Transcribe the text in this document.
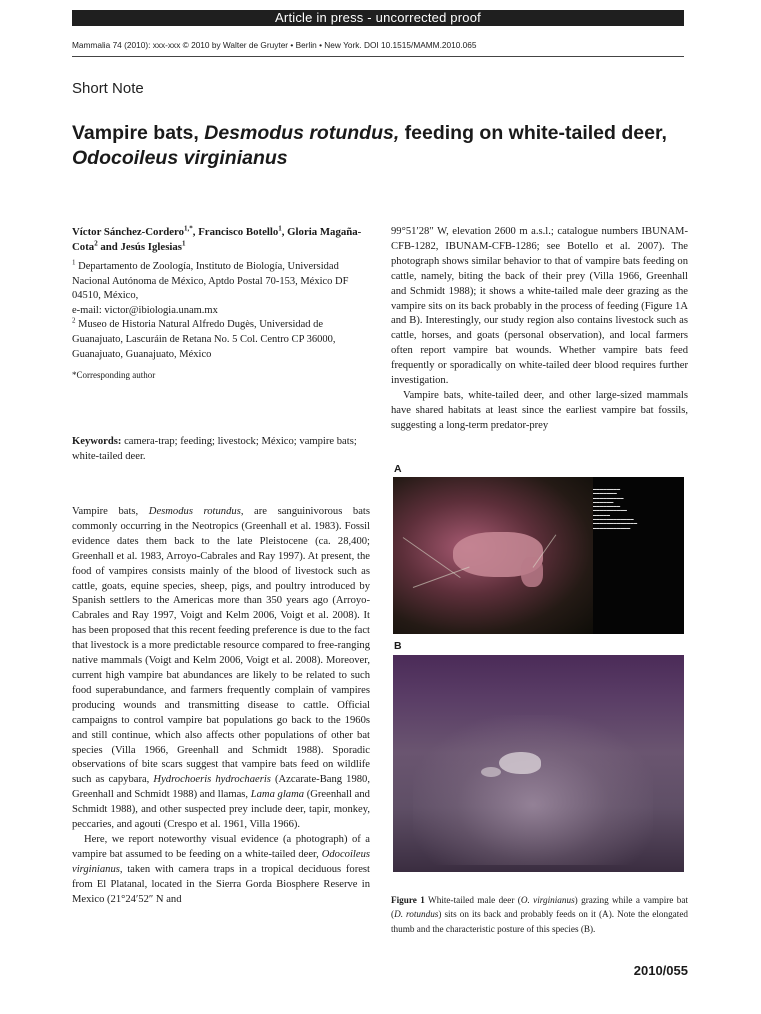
Article in press - uncorrected proof
Mammalia 74 (2010): xxx-xxx © 2010 by Walter de Gruyter • Berlin • New York. DOI 10.1515/MAMM.2010.065
Short Note
Vampire bats, Desmodus rotundus, feeding on white-tailed deer, Odocoileus virginianus
Víctor Sánchez-Cordero$^{1,*}$, Francisco Botello$^1$, Gloria Magaña-Cota$^2$ and Jesús Iglesias$^1$

$^1$ Departamento de Zoología, Instituto de Biología, Universidad Nacional Autónoma de México, Aptdo Postal 70-153, México DF 04510, México,

e-mail: victor@ibiologia.unam.mx

$^2$ Museo de Historia Natural Alfredo Dugès, Universidad de Guanajuato, Lascuráin de Retana No. 5 Col. Centro CP 36000, Guanajuato, Guanajuato, México

*Corresponding author
Keywords: camera-trap; feeding; livestock; México; vampire bats; white-tailed deer.

Vampire bats, Desmodus rotundus, are sanguinivorous bats commonly occurring in the Neotropics (Greenhall et al. 1983). Fossil evidence dates them back to the late Pleistocene (ca. 28,400; Greenhall et al. 1983, Arroyo-Cabrales and Ray 1997). At present, the food of vampires consists mainly of the blood of livestock such as cattle, goats, equine species, sheep, pigs, and poultry introduced by Spanish settlers to the Americas more than 350 years ago (Arroyo-Cabrales and Ray 1997, Voigt and Kelm 2006, Voigt et al. 2008). It has been proposed that this recent feeding preference is due to the fact that livestock is a more predictable resource compared to free-ranging native mammals (Voigt and Kelm 2006, Voigt et al. 2008). Moreover, current high vampire bat abundances are likely to be related to such food superabundance, and farmers frequently complain of vampires producing wounds and transmitting disease to cattle. Official campaigns to control vampire bat populations go back to the 1960s and still continue, which also affects other populations of other bat species (Villa 1966, Greenhall and Schmidt 1988). Sporadic observations of bite scars suggest that vampire bats feed on wildlife such as capybara, Hydrochoeris hydrochaeris (Azcarate-Bang 1980, Greenhall and Schmidt 1988) and llamas, Lama glama (Greenhall and Schmidt 1988), and other suspected prey include deer, tapir, monkey, peccaries, and agouti (Crespo et al. 1961, Villa 1966).

Here, we report noteworthy visual evidence (a photograph) of a vampire bat assumed to be feeding on a white-tailed deer, Odocoileus virginianus, taken with camera traps in a tropical deciduous forest from El Platanal, located in the Sierra Gorda Biosphere Reserve in Mexico (21°24′52″ N and

99°51′28″ W, elevation 2600 m a.s.l.; catalogue numbers IBUNAM-CFB-1282, IBUNAM-CFB-1286; see Botello et al. 2007). The photograph shows similar behavior to that of vampire bats feeding on cattle, namely, biting the back of their prey (Villa 1966, Greenhall and Schmidt 1988); it shows a white-tailed male deer grazing as the vampire sits on its back probably in the process of feeding (Figure 1A and B). Interestingly, our study region also contains livestock such as cattle, horses, and goats (personal observation), and local farmers often report vampire bat wounds. Whether vampire bats feed frequently or sporadically on white-tailed deer blood requires further investigation.

Vampire bats, white-tailed deer, and other large-sized mammals have shared habitats at least since the earliest vampire bat fossils, suggesting a long-term predator-prey

A
▬▬▬▬▬▬▬▬
▬▬▬▬▬▬▬
▬▬▬▬▬▬▬▬▬
▬▬▬▬▬▬
▬▬▬▬▬▬▬▬
▬▬▬▬▬▬▬▬▬▬
▬▬▬▬▬
▬▬▬▬▬▬▬▬▬▬▬▬
▬▬▬▬▬▬▬▬▬▬▬▬▬
▬▬▬▬▬▬▬▬▬▬▬
B
Figure 1 White-tailed male deer (O. virginianus) grazing while a vampire bat (D. rotundus) sits on its back and probably feeds on it (A). Note the elongated thumb and the characteristic posture of this species (B).
2010/055
